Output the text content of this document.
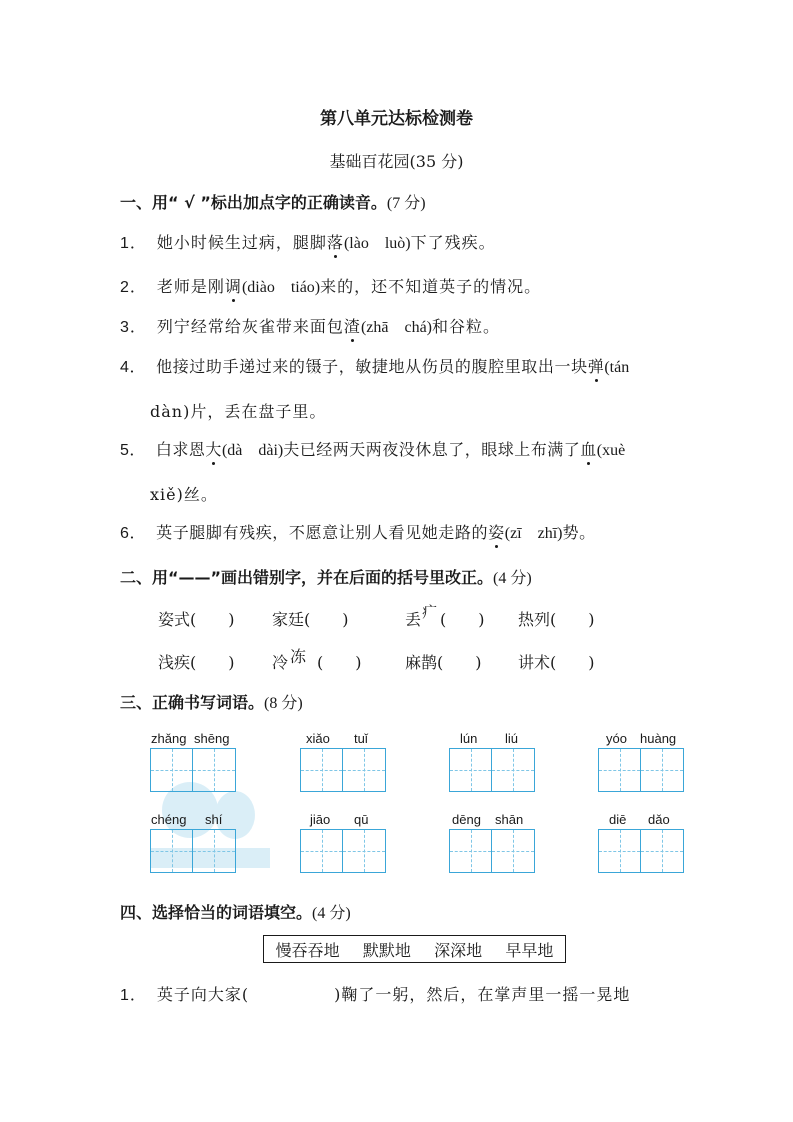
第八单元达标检测卷
基础百花园(35 分)
一、用“ √ ”标出加点字的正确读音。(7 分)
1． 她小时候生过病，腿脚落(lào　luò)下了残疾。
2． 老师是刚调(diào　tiáo)来的，还不知道英子的情况。
3． 列宁经常给灰雀带来面包渣(zhā　chá)和谷粒。
4． 他接过助手递过来的镊子，敏捷地从伤员的腹腔里取出一块弹(tán
dàn)片，丢在盘子里。
5． 白求恩大(dà　dài)夫已经两天两夜没休息了，眼球上布满了血(xuè
xiě)丝。
6． 英子腿脚有残疾，不愿意让别人看见她走路的姿(zī　zhī)势。
二、用“——”画出错别字，并在后面的括号里改正。(4 分)
姿式(　　) 家廷(　　)	丢 疒 (　　) 热列(　　)
浅疾(　　) 冷 冻 (　　)	麻鹊(　　) 讲术(　　)
三、正确书写词语。(8 分)
zhǎng shēng	xiǎo tuǐ	lún liú	yóo huàng
chéng shí	jiāo qū	dēng shān	diē dǎo
四、选择恰当的词语填空。(4 分)
慢吞吞地 默默地 深深地 早早地
1． 英子向大家(　　　　　)鞠了一躬，然后，在掌声里一摇一晃地
